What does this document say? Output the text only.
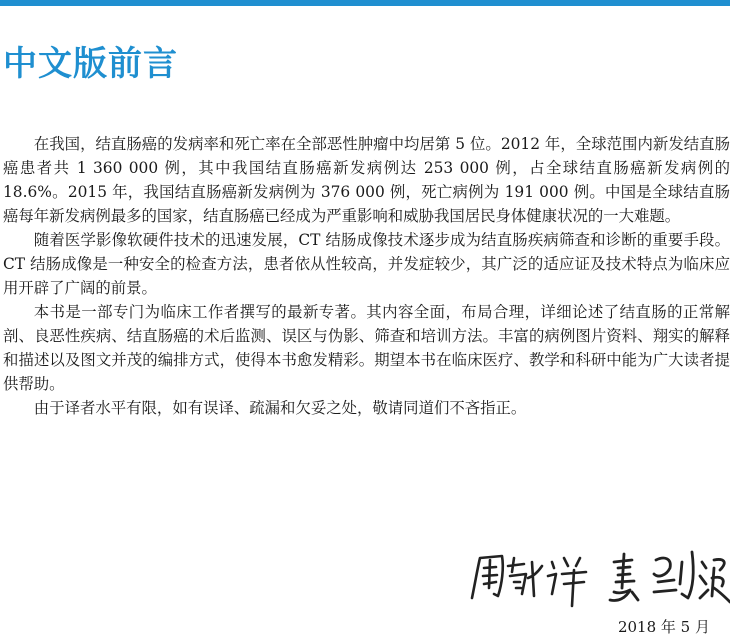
中文版前言

在我国，结直肠癌的发病率和死亡率在全部恶性肿瘤中均居第 5 位。2012 年，全球范围内新发结直肠癌患者共 1 360 000 例，其中我国结直肠癌新发病例达 253 000 例，占全球结直肠癌新发病例的 18.6%。2015 年，我国结直肠癌新发病例为 376 000 例，死亡病例为 191 000 例。中国是全球结直肠癌每年新发病例最多的国家，结直肠癌已经成为严重影响和威胁我国居民身体健康状况的一大难题。

随着医学影像软硬件技术的迅速发展，CT 结肠成像技术逐步成为结直肠疾病筛查和诊断的重要手段。CT 结肠成像是一种安全的检查方法，患者依从性较高，并发症较少，其广泛的适应证及技术特点为临床应用开辟了广阔的前景。

本书是一部专门为临床工作者撰写的最新专著。其内容全面，布局合理，详细论述了结直肠的正常解剖、良恶性疾病、结直肠癌的术后监测、误区与伪影、筛查和培训方法。丰富的病例图片资料、翔实的解释和描述以及图文并茂的编排方式，使得本书愈发精彩。期望本书在临床医疗、教学和科研中能为广大读者提供帮助。

由于译者水平有限，如有误译、疏漏和欠妥之处，敬请同道们不吝指正。

2018 年 5 月
